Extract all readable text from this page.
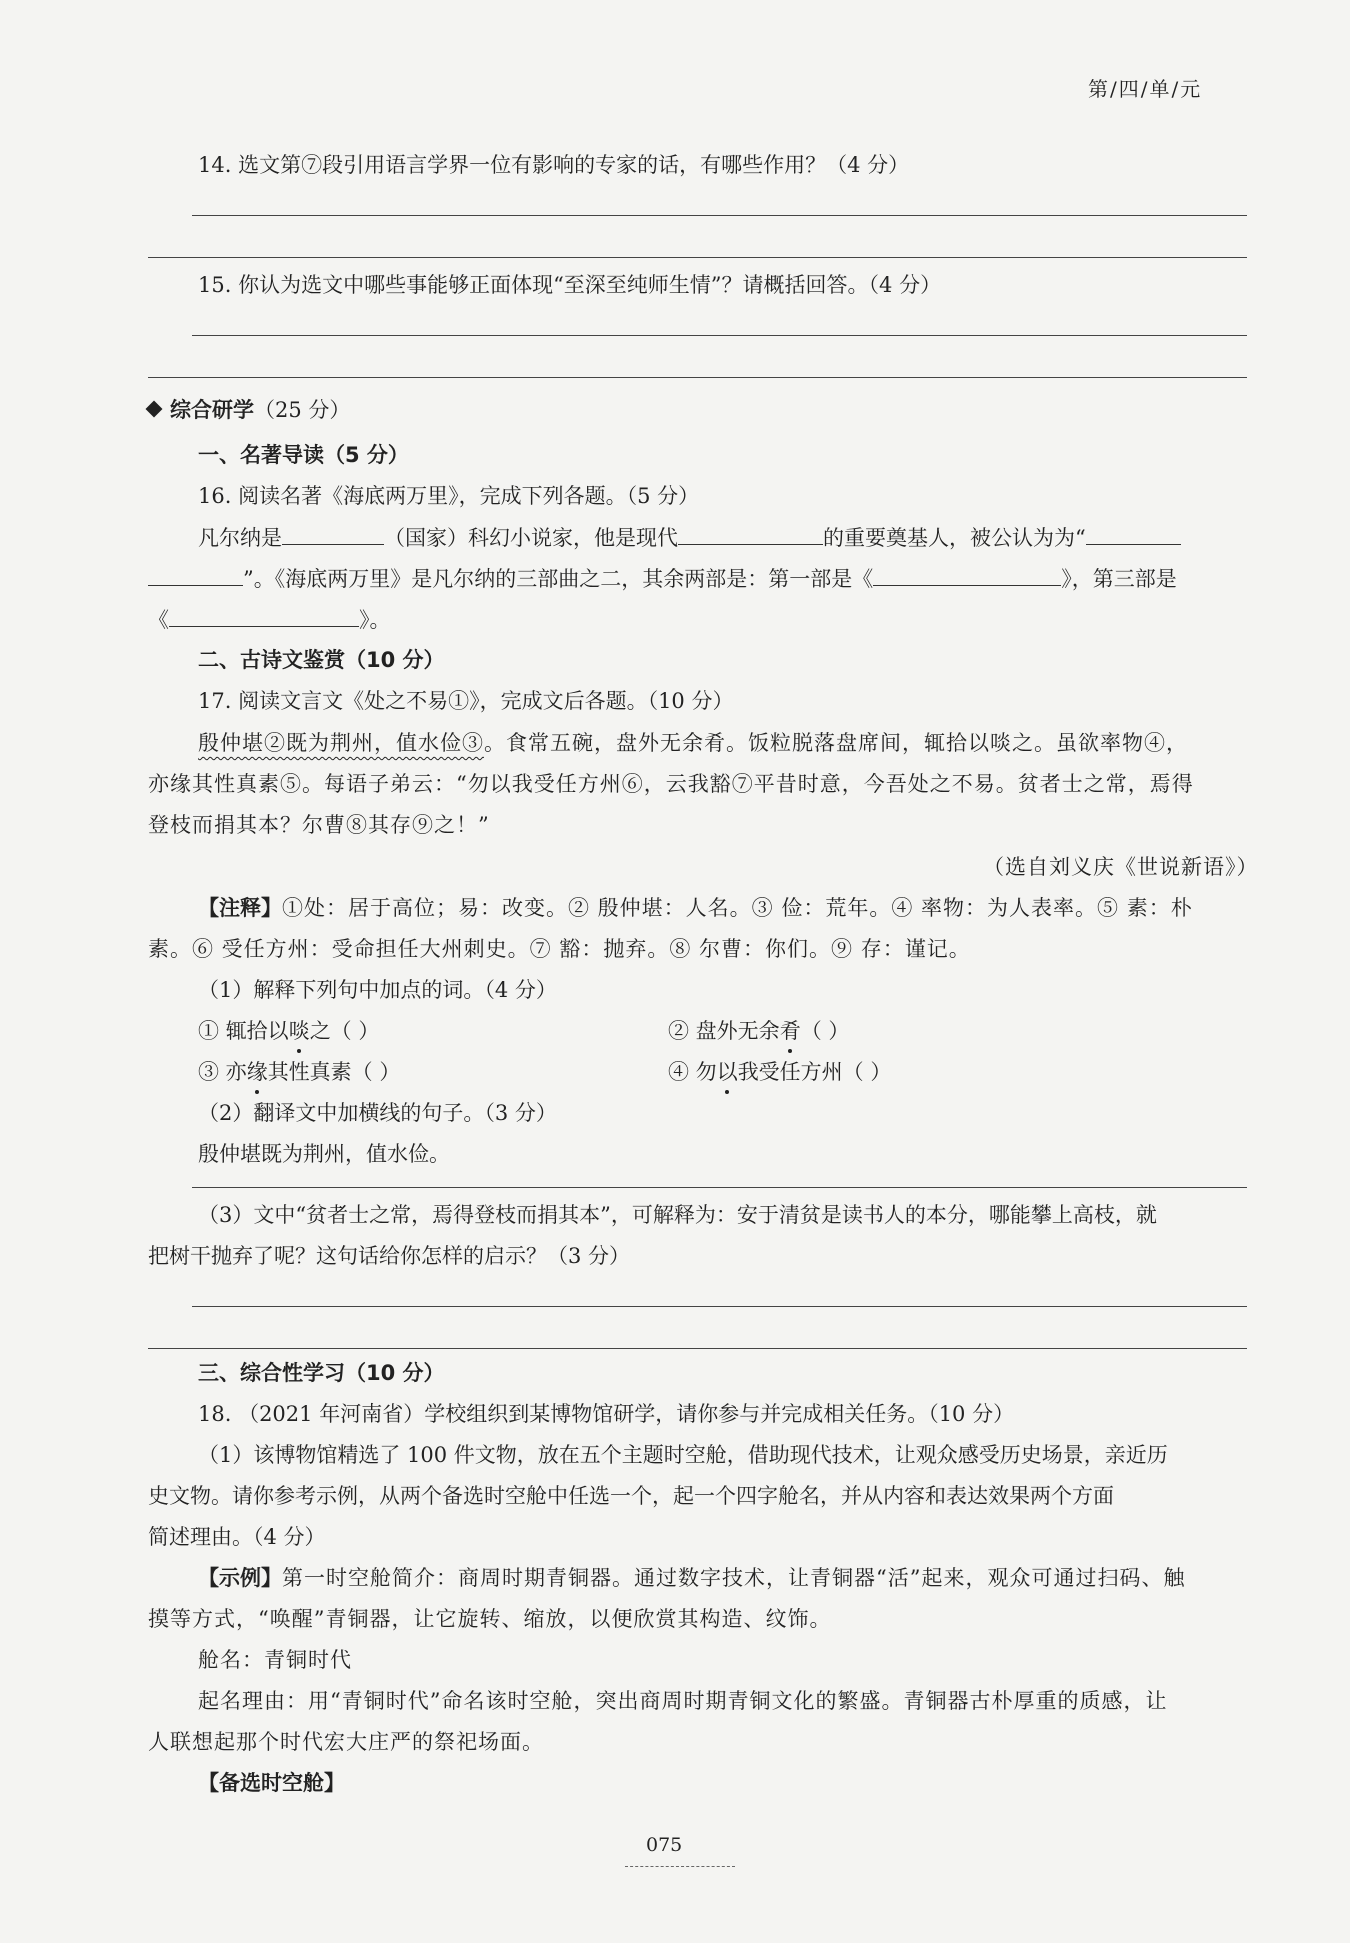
第/四/单/元
14. 选文第⑦段引用语言学界一位有影响的专家的话，有哪些作用？（4 分）
15. 你认为选文中哪些事能够正面体现“至深至纯师生情”？请概括回答。（4 分）
综合研学（25 分）
一、名著导读（5 分）
16. 阅读名著《海底两万里》，完成下列各题。（5 分）
凡尔纳是	（国家）科幻小说家，他是现代	的重要奠基人，被公认为为“
”。《海底两万里》是凡尔纳的三部曲之二，其余两部是：第一部是《	》，第三部是
《	》。
二、古诗文鉴赏（10 分）
17. 阅读文言文《处之不易①》，完成文后各题。（10 分）
殷仲堪②既为荆州，值水俭③。食常五碗，盘外无余肴。饭粒脱落盘席间，辄拾以啖之。虽欲率物④，
亦缘其性真素⑤。每语子弟云：“勿以我受任方州⑥，云我豁⑦平昔时意，今吾处之不易。贫者士之常，焉得
登枝而捐其本？尔曹⑧其存⑨之！”
（选自刘义庆《世说新语》）
【注释】①处：居于高位；易：改变。② 殷仲堪：人名。③ 俭：荒年。④ 率物：为人表率。⑤ 素：朴
素。⑥ 受任方州：受命担任大州刺史。⑦ 豁：抛弃。⑧ 尔曹：你们。⑨ 存：谨记。
（1）解释下列句中加点的词。（4 分）
① 辄拾以啖之（ ）	② 盘外无余肴（ ）
③ 亦缘其性真素（ ）	④ 勿以我受任方州（ ）
（2）翻译文中加横线的句子。（3 分）
殷仲堪既为荆州，值水俭。
（3）文中“贫者士之常，焉得登枝而捐其本”，可解释为：安于清贫是读书人的本分，哪能攀上高枝，就
把树干抛弃了呢？这句话给你怎样的启示？（3 分）
三、综合性学习（10 分）
18. （2021 年河南省）学校组织到某博物馆研学，请你参与并完成相关任务。（10 分）
（1）该博物馆精选了 100 件文物，放在五个主题时空舱，借助现代技术，让观众感受历史场景，亲近历
史文物。请你参考示例，从两个备选时空舱中任选一个，起一个四字舱名，并从内容和表达效果两个方面
简述理由。（4 分）
【示例】第一时空舱简介：商周时期青铜器。通过数字技术，让青铜器“活”起来，观众可通过扫码、触
摸等方式，“唤醒”青铜器，让它旋转、缩放，以便欣赏其构造、纹饰。
舱名：青铜时代
起名理由：用“青铜时代”命名该时空舱，突出商周时期青铜文化的繁盛。青铜器古朴厚重的质感，让
人联想起那个时代宏大庄严的祭祀场面。
【备选时空舱】
075
